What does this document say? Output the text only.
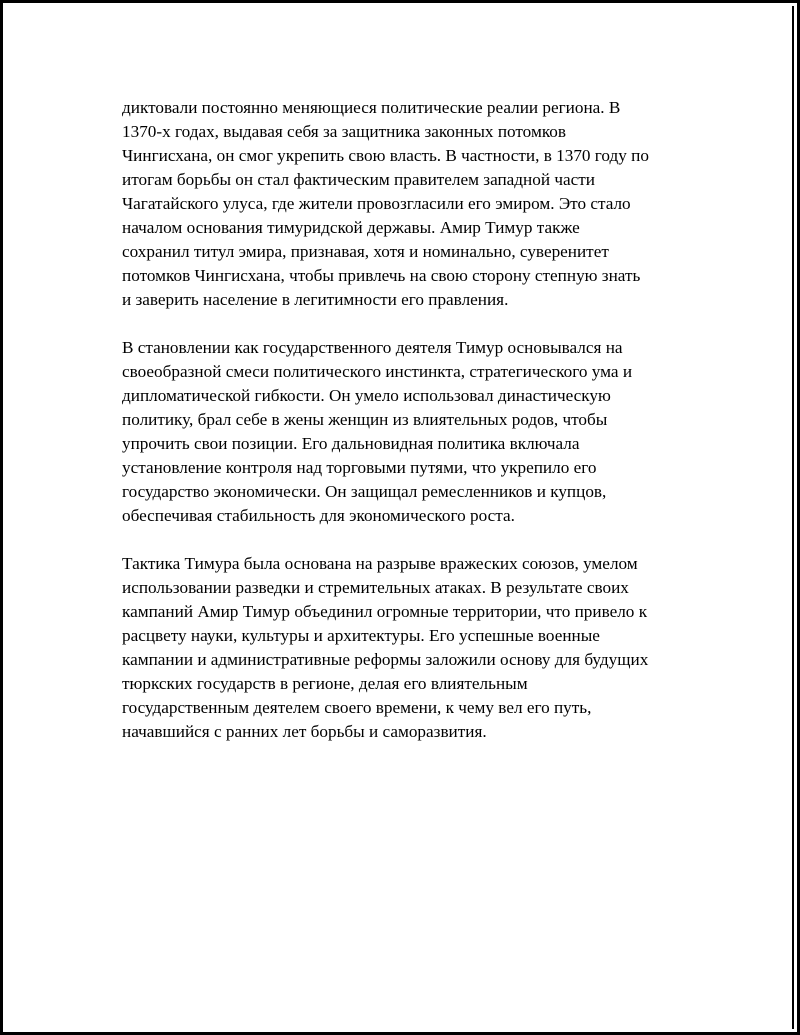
диктовали постоянно меняющиеся политические реалии региона. В
1370-х годах, выдавая себя за защитника законных потомков
Чингисхана, он смог укрепить свою власть. В частности, в 1370 году по
итогам борьбы он стал фактическим правителем западной части
Чагатайского улуса, где жители провозгласили его эмиром. Это стало
началом основания тимуридской державы. Амир Тимур также
сохранил титул эмира, признавая, хотя и номинально, суверенитет
потомков Чингисхана, чтобы привлечь на свою сторону степную знать
и заверить население в легитимности его правления.

В становлении как государственного деятеля Тимур основывался на
своеобразной смеси политического инстинкта, стратегического ума и
дипломатической гибкости. Он умело использовал династическую
политику, брал себе в жены женщин из влиятельных родов, чтобы
упрочить свои позиции. Его дальновидная политика включала
установление контроля над торговыми путями, что укрепило его
государство экономически. Он защищал ремесленников и купцов,
обеспечивая стабильность для экономического роста.

Тактика Тимура была основана на разрыве вражеских союзов, умелом
использовании разведки и стремительных атаках. В результате своих
кампаний Амир Тимур объединил огромные территории, что привело к
расцвету науки, культуры и архитектуры. Его успешные военные
кампании и административные реформы заложили основу для будущих
тюркских государств в регионе, делая его влиятельным
государственным деятелем своего времени, к чему вел его путь,
начавшийся с ранних лет борьбы и саморазвития.
